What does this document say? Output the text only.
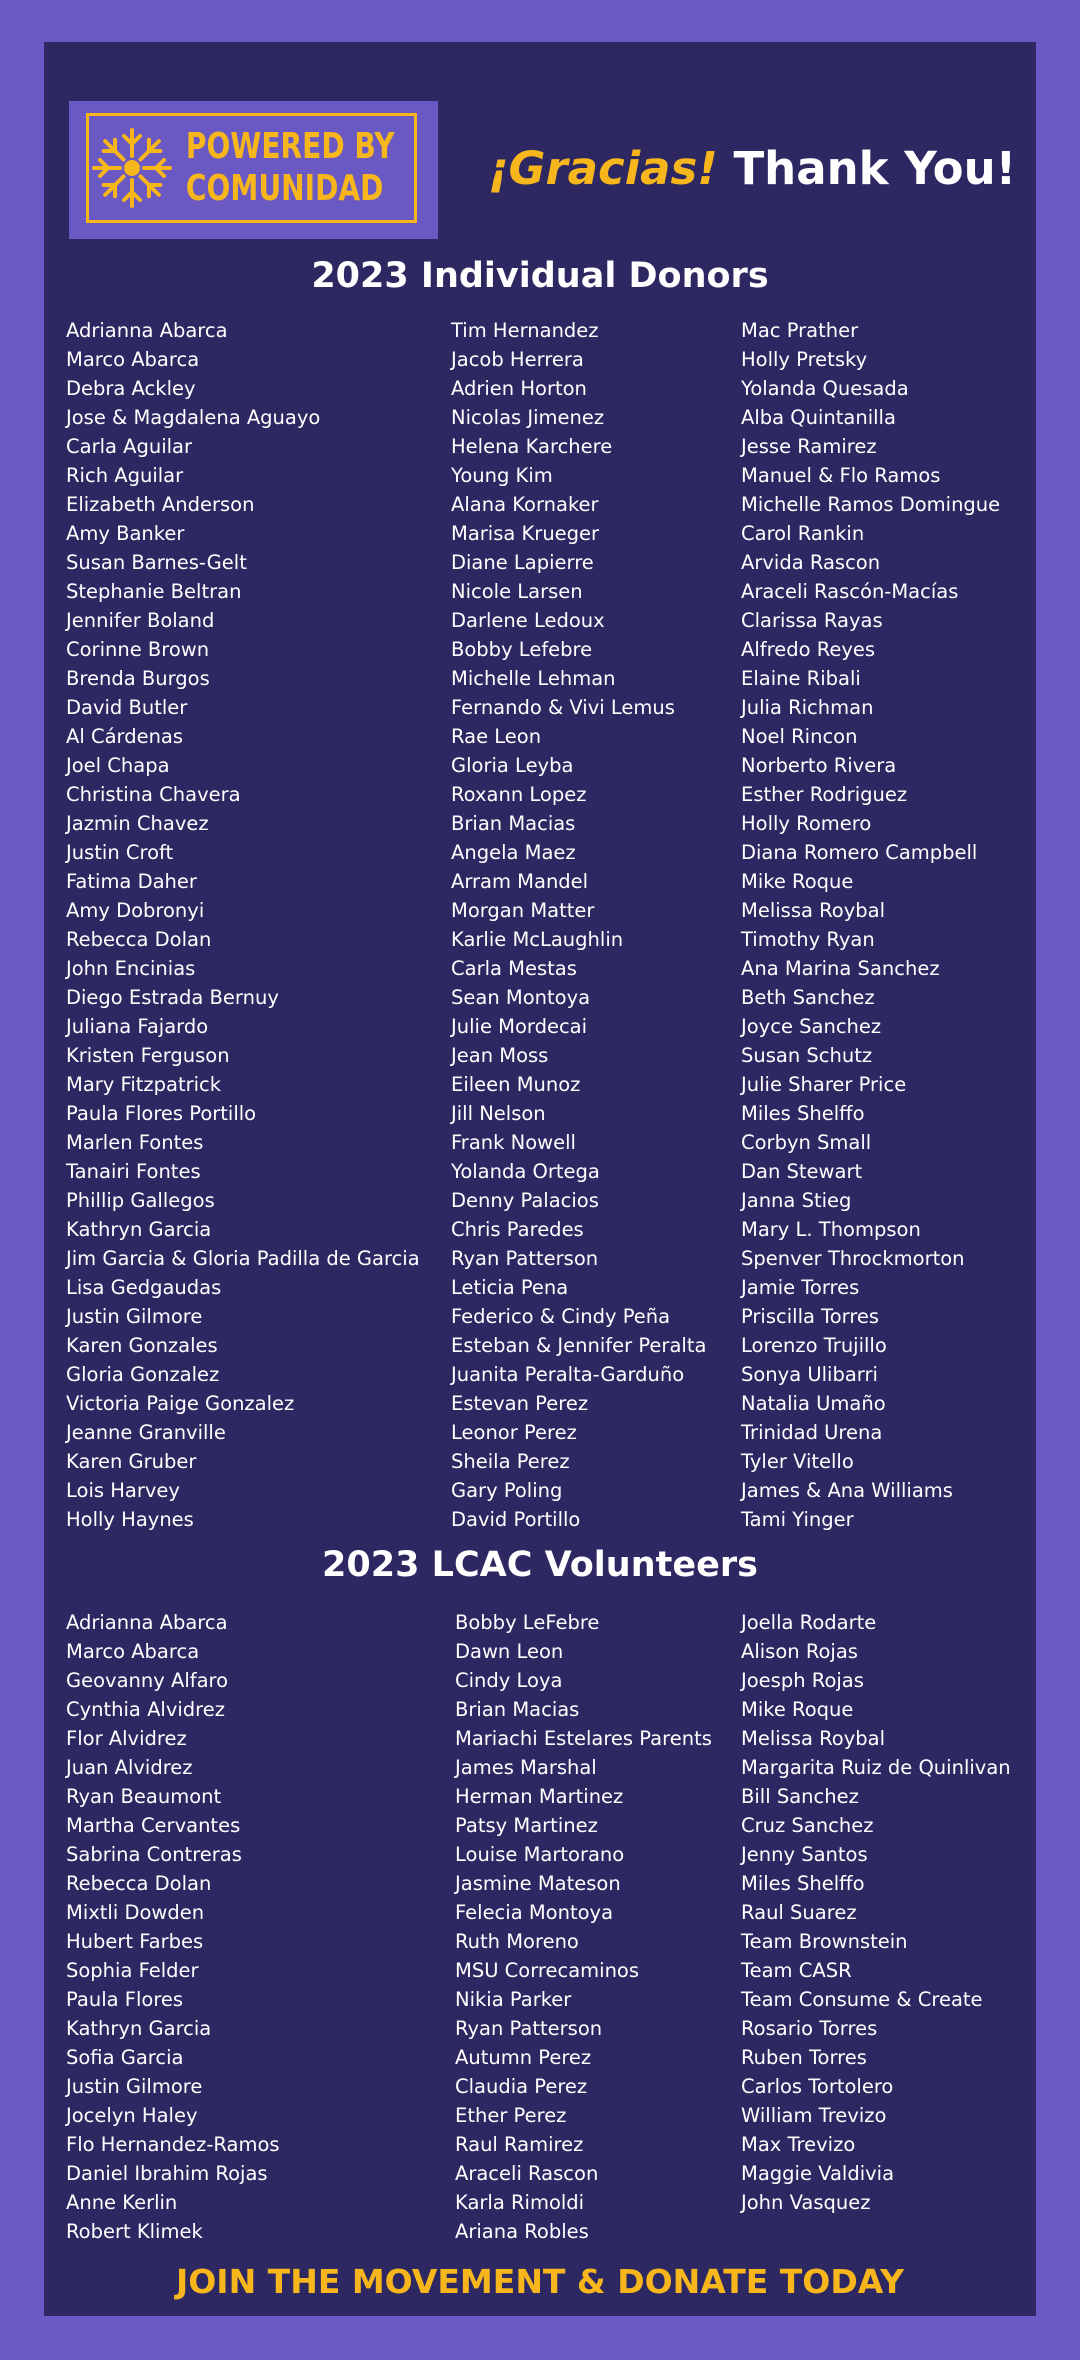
POWERED BY
COMUNIDAD ¡Gracias! Thank You!
2023 Individual Donors
Adrianna Abarca
Marco Abarca
Debra Ackley
Jose & Magdalena Aguayo
Carla Aguilar
Rich Aguilar
Elizabeth Anderson
Amy Banker
Susan Barnes-Gelt
Stephanie Beltran
Jennifer Boland
Corinne Brown
Brenda Burgos
David Butler
Al Cárdenas
Joel Chapa
Christina Chavera
Jazmin Chavez
Justin Croft
Fatima Daher
Amy Dobronyi
Rebecca Dolan
John Encinias
Diego Estrada Bernuy
Juliana Fajardo
Kristen Ferguson
Mary Fitzpatrick
Paula Flores Portillo
Marlen Fontes
Tanairi Fontes
Phillip Gallegos
Kathryn Garcia
Jim Garcia & Gloria Padilla de Garcia
Lisa Gedgaudas
Justin Gilmore
Karen Gonzales
Gloria Gonzalez
Victoria Paige Gonzalez
Jeanne Granville
Karen Gruber
Lois Harvey
Holly Haynes
Tim Hernandez
Jacob Herrera
Adrien Horton
Nicolas Jimenez
Helena Karchere
Young Kim
Alana Kornaker
Marisa Krueger
Diane Lapierre
Nicole Larsen
Darlene Ledoux
Bobby Lefebre
Michelle Lehman
Fernando & Vivi Lemus
Rae Leon
Gloria Leyba
Roxann Lopez
Brian Macias
Angela Maez
Arram Mandel
Morgan Matter
Karlie McLaughlin
Carla Mestas
Sean Montoya
Julie Mordecai
Jean Moss
Eileen Munoz
Jill Nelson
Frank Nowell
Yolanda Ortega
Denny Palacios
Chris Paredes
Ryan Patterson
Leticia Pena
Federico & Cindy Peña
Esteban & Jennifer Peralta
Juanita Peralta-Garduño
Estevan Perez
Leonor Perez
Sheila Perez
Gary Poling
David Portillo
Mac Prather
Holly Pretsky
Yolanda Quesada
Alba Quintanilla
Jesse Ramirez
Manuel & Flo Ramos
Michelle Ramos Domingue
Carol Rankin
Arvida Rascon
Araceli Rascón-Macías
Clarissa Rayas
Alfredo Reyes
Elaine Ribali
Julia Richman
Noel Rincon
Norberto Rivera
Esther Rodriguez
Holly Romero
Diana Romero Campbell
Mike Roque
Melissa Roybal
Timothy Ryan
Ana Marina Sanchez
Beth Sanchez
Joyce Sanchez
Susan Schutz
Julie Sharer Price
Miles Shelffo
Corbyn Small
Dan Stewart
Janna Stieg
Mary L. Thompson
Spenver Throckmorton
Jamie Torres
Priscilla Torres
Lorenzo Trujillo
Sonya Ulibarri
Natalia Umaño
Trinidad Urena
Tyler Vitello
James & Ana Williams
Tami Yinger
2023 LCAC Volunteers
Adrianna Abarca
Marco Abarca
Geovanny Alfaro
Cynthia Alvidrez
Flor Alvidrez
Juan Alvidrez
Ryan Beaumont
Martha Cervantes
Sabrina Contreras
Rebecca Dolan
Mixtli Dowden
Hubert Farbes
Sophia Felder
Paula Flores
Kathryn Garcia
Sofia Garcia
Justin Gilmore
Jocelyn Haley
Flo Hernandez-Ramos
Daniel Ibrahim Rojas
Anne Kerlin
Robert Klimek
Bobby LeFebre
Dawn Leon
Cindy Loya
Brian Macias
Mariachi Estelares Parents
James Marshal
Herman Martinez
Patsy Martinez
Louise Martorano
Jasmine Mateson
Felecia Montoya
Ruth Moreno
MSU Correcaminos
Nikia Parker
Ryan Patterson
Autumn Perez
Claudia Perez
Ether Perez
Raul Ramirez
Araceli Rascon
Karla Rimoldi
Ariana Robles
Joella Rodarte
Alison Rojas
Joesph Rojas
Mike Roque
Melissa Roybal
Margarita Ruiz de Quinlivan
Bill Sanchez
Cruz Sanchez
Jenny Santos
Miles Shelffo
Raul Suarez
Team Brownstein
Team CASR
Team Consume & Create
Rosario Torres
Ruben Torres
Carlos Tortolero
William Trevizo
Max Trevizo
Maggie Valdivia
John Vasquez
JOIN THE MOVEMENT & DONATE TODAY
